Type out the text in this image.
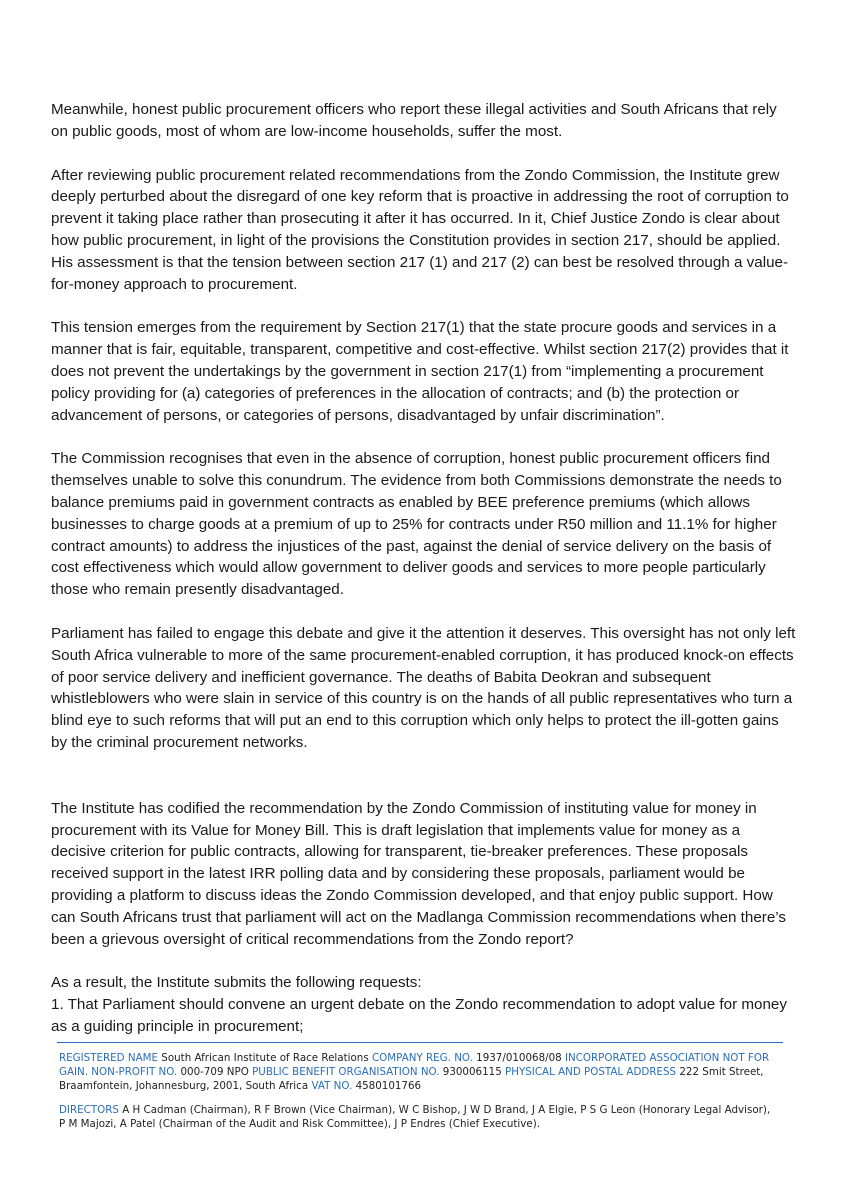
Meanwhile, honest public procurement officers who report these illegal activities and South Africans that rely on public goods, most of whom are low-income households, suffer the most.

After reviewing public procurement related recommendations from the Zondo Commission, the Institute grew deeply perturbed about the disregard of one key reform that is proactive in addressing the root of corruption to prevent it taking place rather than prosecuting it after it has occurred. In it, Chief Justice Zondo is clear about how public procurement, in light of the provisions the Constitution provides in section 217, should be applied. His assessment is that the tension between section 217 (1) and 217 (2) can best be resolved through a value-for-money approach to procurement.

This tension emerges from the requirement by Section 217(1) that the state procure goods and services in a manner that is fair, equitable, transparent, competitive and cost-effective. Whilst section 217(2) provides that it does not prevent the undertakings by the government in section 217(1) from “implementing a procurement policy providing for (a) categories of preferences in the allocation of contracts; and (b) the protection or advancement of persons, or categories of persons, disadvantaged by unfair discrimination”.

The Commission recognises that even in the absence of corruption, honest public procurement officers find themselves unable to solve this conundrum. The evidence from both Commissions demonstrate the needs to balance premiums paid in government contracts as enabled by BEE preference premiums (which allows businesses to charge goods at a premium of up to 25% for contracts under R50 million and 11.1% for higher contract amounts) to address the injustices of the past, against the denial of service delivery on the basis of cost effectiveness which would allow government to deliver goods and services to more people particularly those who remain presently disadvantaged.

Parliament has failed to engage this debate and give it the attention it deserves. This oversight has not only left South Africa vulnerable to more of the same procurement-enabled corruption, it has produced knock-on effects of poor service delivery and inefficient governance. The deaths of Babita Deokran and subsequent whistleblowers who were slain in service of this country is on the hands of all public representatives who turn a blind eye to such reforms that will put an end to this corruption which only helps to protect the ill-gotten gains by the criminal procurement networks.

The Institute has codified the recommendation by the Zondo Commission of instituting value for money in procurement with its Value for Money Bill. This is draft legislation that implements value for money as a decisive criterion for public contracts, allowing for transparent, tie-breaker preferences. These proposals received support in the latest IRR polling data and by considering these proposals, parliament would be providing a platform to discuss ideas the Zondo Commission developed, and that enjoy public support. How can South Africans trust that parliament will act on the Madlanga Commission recommendations when there’s been a grievous oversight of critical recommendations from the Zondo report?

As a result, the Institute submits the following requests:

1. That Parliament should convene an urgent debate on the Zondo recommendation to adopt value for money as a guiding principle in procurement;

REGISTERED NAME South African Institute of Race Relations COMPANY REG. NO. 1937/010068/08 INCORPORATED ASSOCIATION NOT FOR GAIN. NON-PROFIT NO. 000-709 NPO PUBLIC BENEFIT ORGANISATION NO. 930006115 PHYSICAL AND POSTAL ADDRESS 222 Smit Street, Braamfontein, Johannesburg, 2001, South Africa VAT NO. 4580101766

DIRECTORS A H Cadman (Chairman), R F Brown (Vice Chairman), W C Bishop, J W D Brand, J A Elgie, P S G Leon (Honorary Legal Advisor), P M Majozi, A Patel (Chairman of the Audit and Risk Committee), J P Endres (Chief Executive).
